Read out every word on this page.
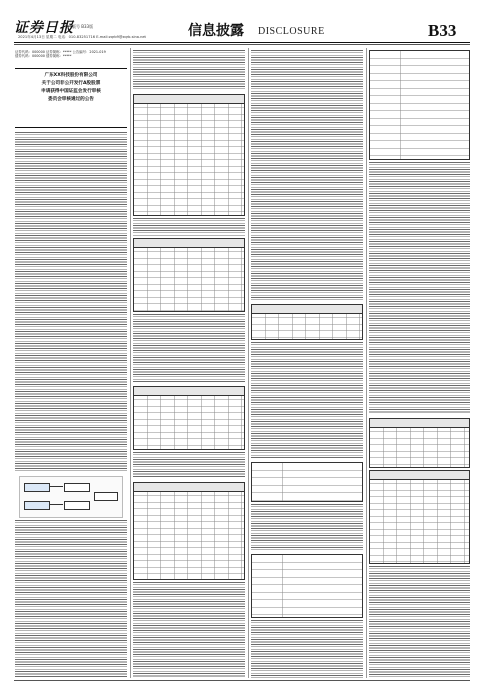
证券日报
版号 B33版
2021年4月13日 星期二 电话：010-83251716 E-mail:zqrb9@zqrb.sina.net	信息披露 DISCLOSURE	B33
证券代码：000000 证券简称：***** 公告编号：2021-019
债券代码：000000 债券简称：*****
广东ⅩⅩ科技股份有限公司
关于公司非公开发行A股股票
申请获得中国证监会发行审核
委员会审核通过的公告
